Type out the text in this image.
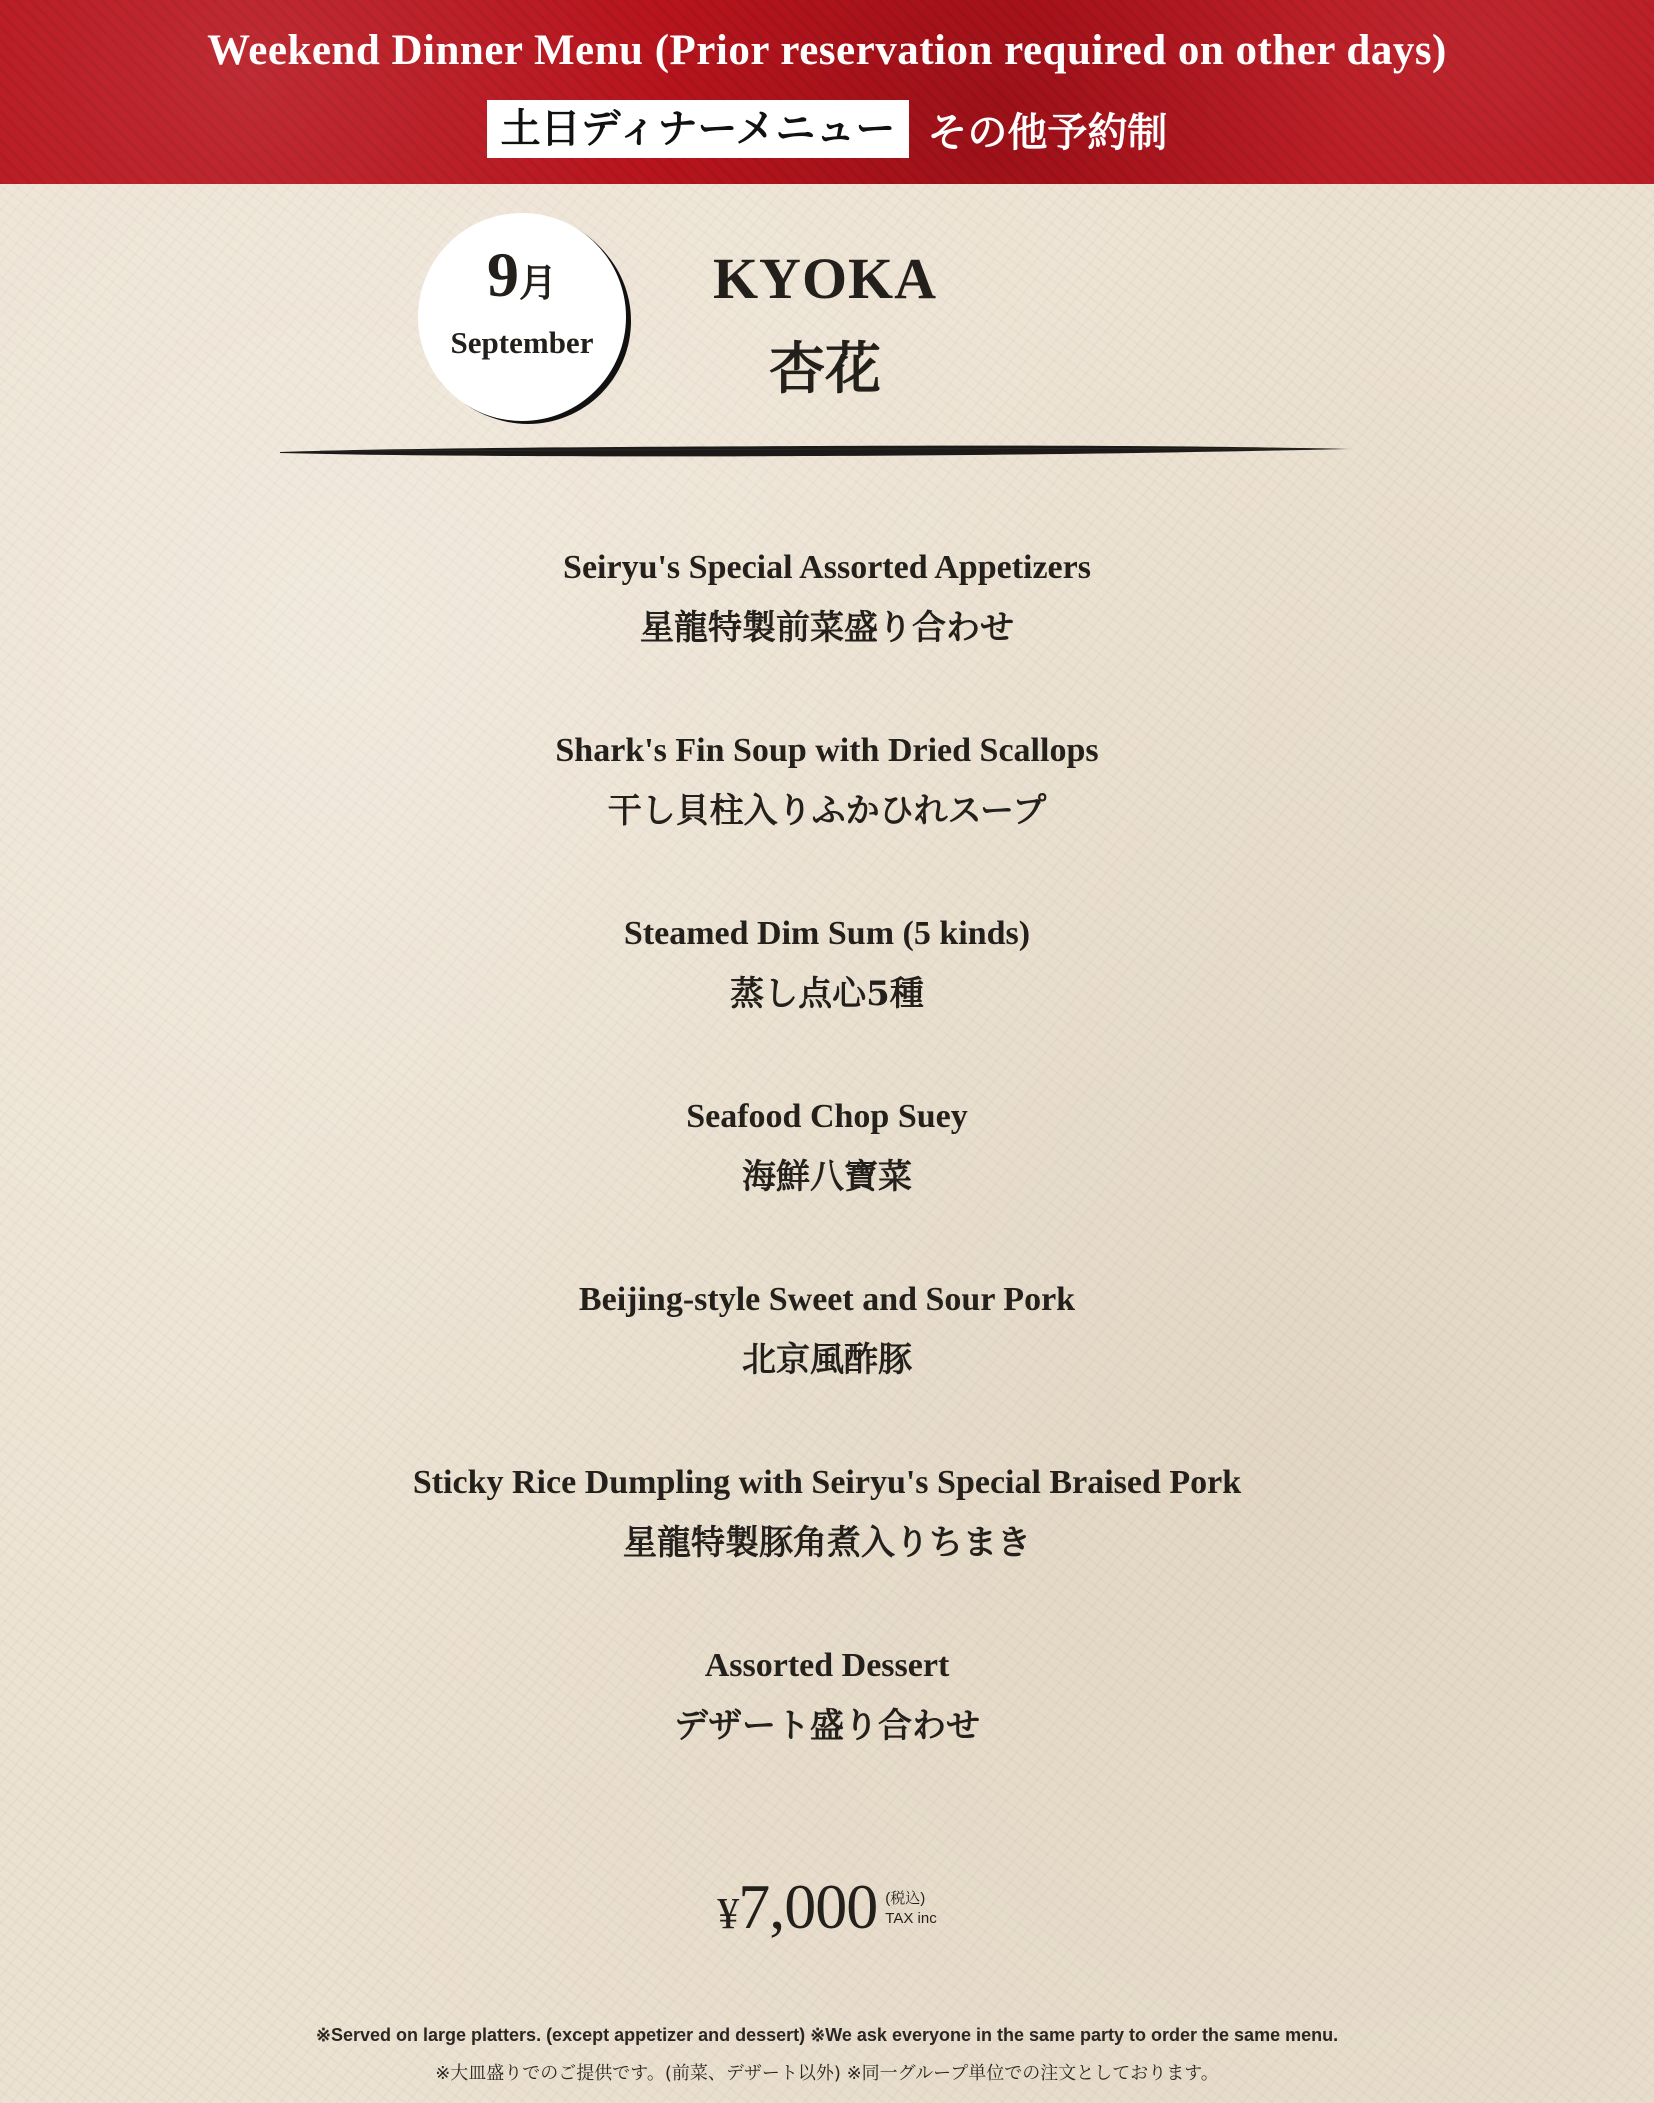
Weekend Dinner Menu (Prior reservation required on other days)
土日ディナーメニュー その他予約制
9月
September
KYOKA
杏花
Seiryu's Special Assorted Appetizers
星龍特製前菜盛り合わせ
Shark's Fin Soup with Dried Scallops
干し貝柱入りふかひれスープ
Steamed Dim Sum (5 kinds)
蒸し点心5種
Seafood Chop Suey
海鮮八寶菜
Beijing-style Sweet and Sour Pork
北京風酢豚
Sticky Rice Dumpling with Seiryu's Special Braised Pork
星龍特製豚角煮入りちまき
Assorted Dessert
デザート盛り合わせ
¥7,000 (税込)
TAX inc
※Served on large platters. (except appetizer and dessert) ※We ask everyone in the same party to order the same menu.
※大皿盛りでのご提供です。(前菜、デザート以外) ※同一グループ単位での注文としております。
